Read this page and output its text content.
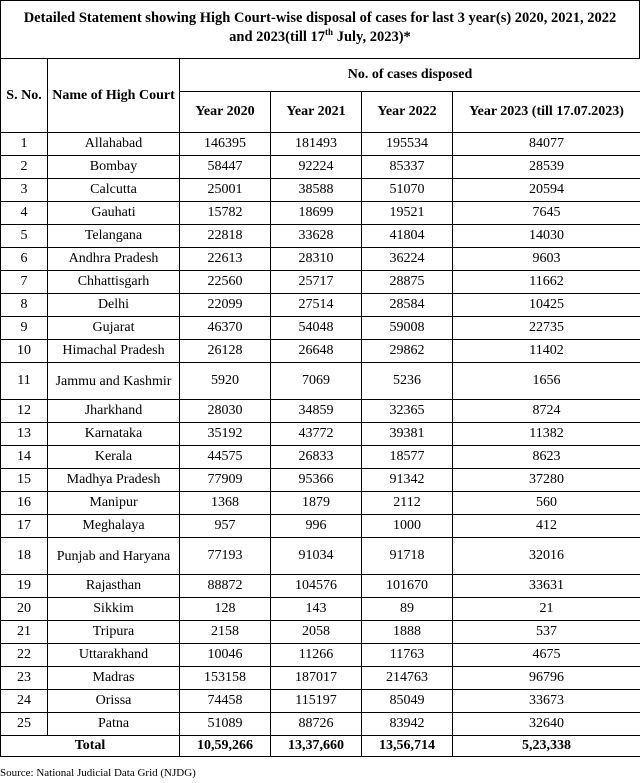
Detailed Statement showing High Court-wise disposal of cases for last 3 year(s) 2020, 2021, 2022
and 2023(till 17th July, 2023)*
S. No.	Name of High Court	No. of cases disposed			
		Year 2020	Year 2021	Year 2022	Year 2023 (till 17.07.2023)
1	Allahabad	146395	181493	195534	84077
2	Bombay	58447	92224	85337	28539
3	Calcutta	25001	38588	51070	20594
4	Gauhati	15782	18699	19521	7645
5	Telangana	22818	33628	41804	14030
6	Andhra Pradesh	22613	28310	36224	9603
7	Chhattisgarh	22560	25717	28875	11662
8	Delhi	22099	27514	28584	10425
9	Gujarat	46370	54048	59008	22735
10	Himachal Pradesh	26128	26648	29862	11402
11	Jammu and Kashmir	5920	7069	5236	1656
12	Jharkhand	28030	34859	32365	8724
13	Karnataka	35192	43772	39381	11382
14	Kerala	44575	26833	18577	8623
15	Madhya Pradesh	77909	95366	91342	37280
16	Manipur	1368	1879	2112	560
17	Meghalaya	957	996	1000	412
18	Punjab and Haryana	77193	91034	91718	32016
19	Rajasthan	88872	104576	101670	33631
20	Sikkim	128	143	89	21
21	Tripura	2158	2058	1888	537
22	Uttarakhand	10046	11266	11763	4675
23	Madras	153158	187017	214763	96796
24	Orissa	74458	115197	85049	33673
25	Patna	51089	88726	83942	32640
Total		10,59,266	13,37,660	13,56,714	5,23,338
Source: National Judicial Data Grid (NJDG)
